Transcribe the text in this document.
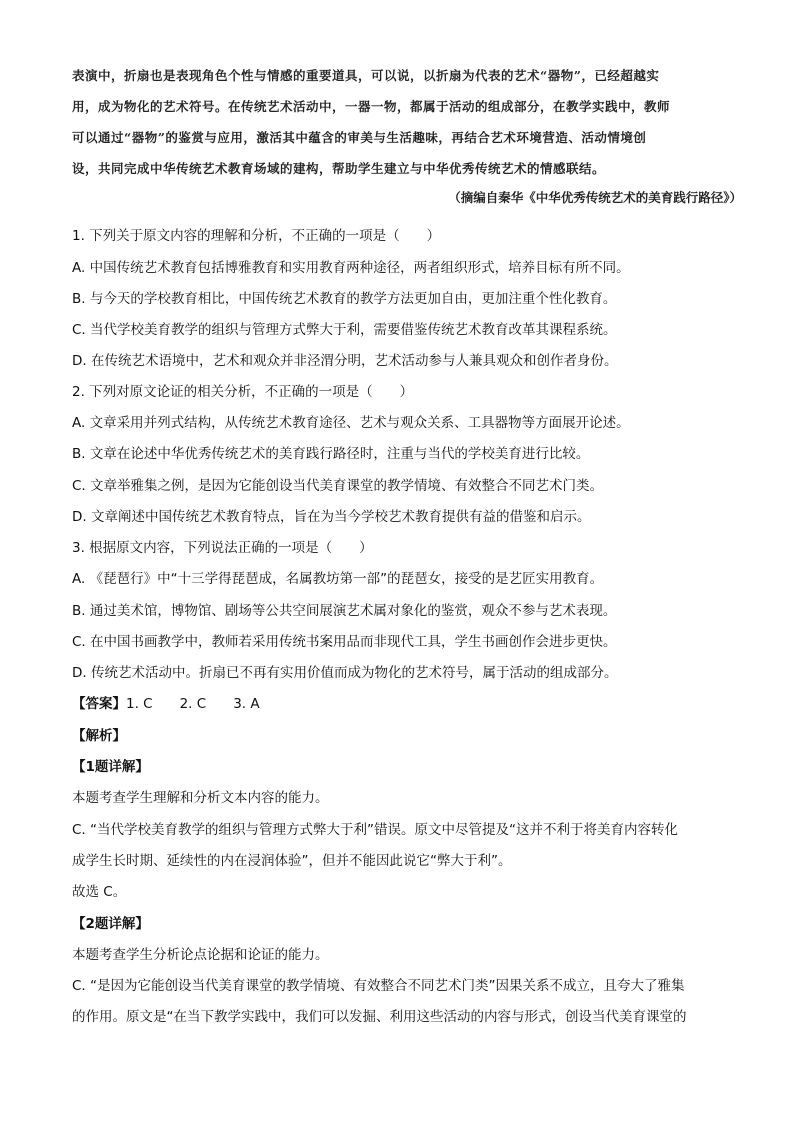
表演中，折扇也是表现角色个性与情感的重要道具，可以说，以折扇为代表的艺术“器物”，已经超越实

用，成为物化的艺术符号。在传统艺术活动中，一器一物，都属于活动的组成部分，在教学实践中，教师

可以通过“器物”的鉴赏与应用，激活其中蕴含的审美与生活趣味，再结合艺术环境营造、活动情境创

设，共同完成中华传统艺术教育场域的建构，帮助学生建立与中华优秀传统艺术的情感联结。

（摘编自秦华《中华优秀传统艺术的美育践行路径》）
1. 下列关于原文内容的理解和分析，不正确的一项是（　　）
A. 中国传统艺术教育包括博雅教育和实用教育两种途径，两者组织形式，培养目标有所不同。
B. 与今天的学校教育相比，中国传统艺术教育的教学方法更加自由，更加注重个性化教育。
C. 当代学校美育教学的组织与管理方式弊大于利，需要借鉴传统艺术教育改革其课程系统。
D. 在传统艺术语境中，艺术和观众并非泾渭分明，艺术活动参与人兼具观众和创作者身份。
2. 下列对原文论证的相关分析，不正确的一项是（　　）
A. 文章采用并列式结构，从传统艺术教育途径、艺术与观众关系、工具器物等方面展开论述。
B. 文章在论述中华优秀传统艺术的美育践行路径时，注重与当代的学校美育进行比较。
C. 文章举雅集之例，是因为它能创设当代美育课堂的教学情境、有效整合不同艺术门类。
D. 文章阐述中国传统艺术教育特点，旨在为当今学校艺术教育提供有益的借鉴和启示。
3. 根据原文内容，下列说法正确的一项是（　　）
A. 《琵琶行》中“十三学得琵琶成，名属教坊第一部”的琵琶女，接受的是艺匠实用教育。
B. 通过美术馆，博物馆、剧场等公共空间展演艺术属对象化的鉴赏，观众不参与艺术表现。
C. 在中国书画教学中，教师若采用传统书案用品而非现代工具，学生书画创作会进步更快。
D. 传统艺术活动中。折扇已不再有实用价值而成为物化的艺术符号，属于活动的组成部分。
【答案】1. C　　2. C　　3. A
【解析】
【1题详解】
本题考查学生理解和分析文本内容的能力。
C. “当代学校美育教学的组织与管理方式弊大于利”错误。原文中尽管提及“这并不利于将美育内容转化
成学生长时期、延续性的内在浸润体验”，但并不能因此说它“弊大于利”。
故选 C。
【2题详解】
本题考查学生分析论点论据和论证的能力。
C. “是因为它能创设当代美育课堂的教学情境、有效整合不同艺术门类”因果关系不成立，且夸大了雅集
的作用。原文是“在当下教学实践中，我们可以发掘、利用这些活动的内容与形式，创设当代美育课堂的
